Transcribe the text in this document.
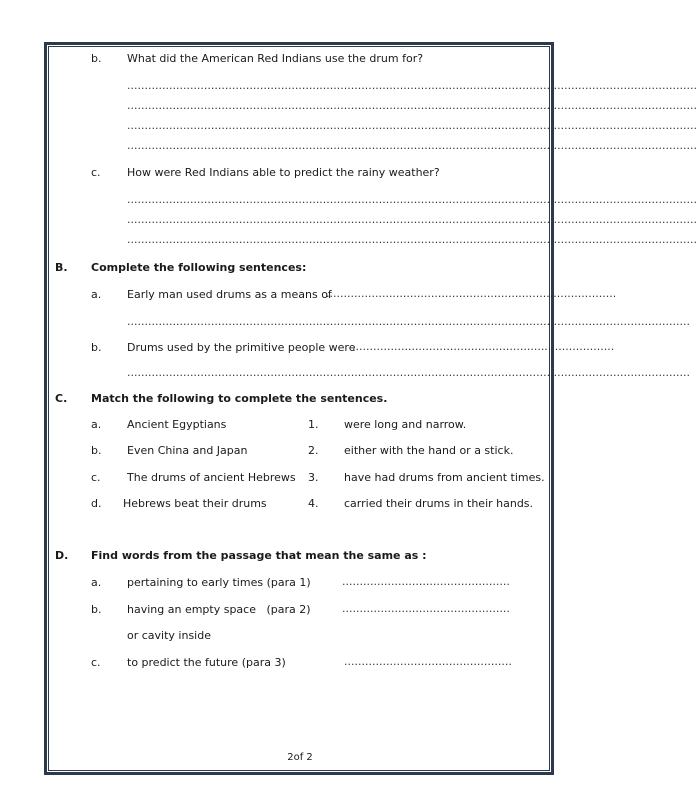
b. What did the American Red Indians use the drum for?
...................................................................................................................................................................
...................................................................................................................................................................
...................................................................................................................................................................
...................................................................................................................................................................
c. How were Red Indians able to predict the rainy weather?
...................................................................................................................................................................
...................................................................................................................................................................
...................................................................................................................................................................
B. Complete the following sentences:
a. Early man used drums as a means of
...................................................................................
.................................................................................................................................................................
b. Drums used by the primitive people were
...........................................................................
.................................................................................................................................................................
C. Match the following to complete the sentences.
a. Ancient Egyptians	1. were long and narrow.
b. Even China and Japan	2. either with the hand or a stick.
c. The drums of ancient Hebrews 3. have had drums from ancient times.
d. Hebrews beat their drums	4. carried their drums in their hands.
D. Find words from the passage that mean the same as :
a. pertaining to early times (para 1)	................................................
b. having an empty space   (para 2)	................................................
or cavity inside
c. to predict the future (para 3)	................................................
2of 2
